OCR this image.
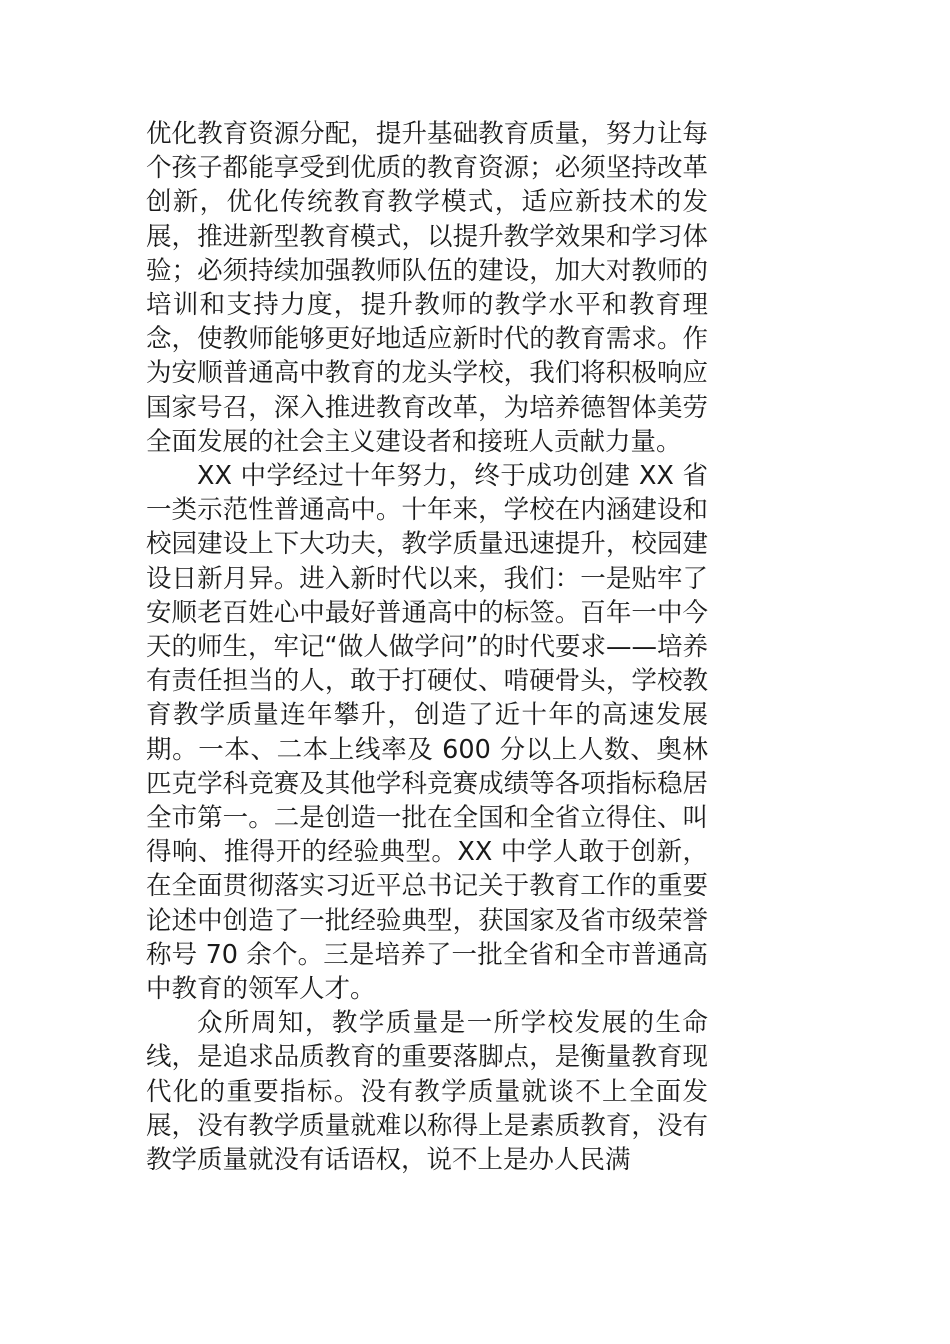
优化教育资源分配，提升基础教育质量，努力让每个孩子都能享受到优质的教育资源；必须坚持改革创新，优化传统教育教学模式，适应新技术的发展，推进新型教育模式，以提升教学效果和学习体验；必须持续加强教师队伍的建设，加大对教师的培训和支持力度，提升教师的教学水平和教育理念，使教师能够更好地适应新时代的教育需求。作为安顺普通高中教育的龙头学校，我们将积极响应国家号召，深入推进教育改革，为培养德智体美劳全面发展的社会主义建设者和接班人贡献力量。

XX 中学经过十年努力，终于成功创建 XX 省一类示范性普通高中。十年来，学校在内涵建设和校园建设上下大功夫，教学质量迅速提升，校园建设日新月异。进入新时代以来，我们：一是贴牢了安顺老百姓心中最好普通高中的标签。百年一中今天的师生，牢记“做人做学问”的时代要求——培养有责任担当的人，敢于打硬仗、啃硬骨头，学校教育教学质量连年攀升，创造了近十年的高速发展期。一本、二本上线率及 600 分以上人数、奥林匹克学科竞赛及其他学科竞赛成绩等各项指标稳居全市第一。二是创造一批在全国和全省立得住、叫得响、推得开的经验典型。XX 中学人敢于创新，在全面贯彻落实习近平总书记关于教育工作的重要论述中创造了一批经验典型，获国家及省市级荣誉称号 70 余个。三是培养了一批全省和全市普通高中教育的领军人才。

众所周知，教学质量是一所学校发展的生命线，是追求品质教育的重要落脚点，是衡量教育现代化的重要指标。没有教学质量就谈不上全面发展，没有教学质量就难以称得上是素质教育，没有教学质量就没有话语权，说不上是办人民满
